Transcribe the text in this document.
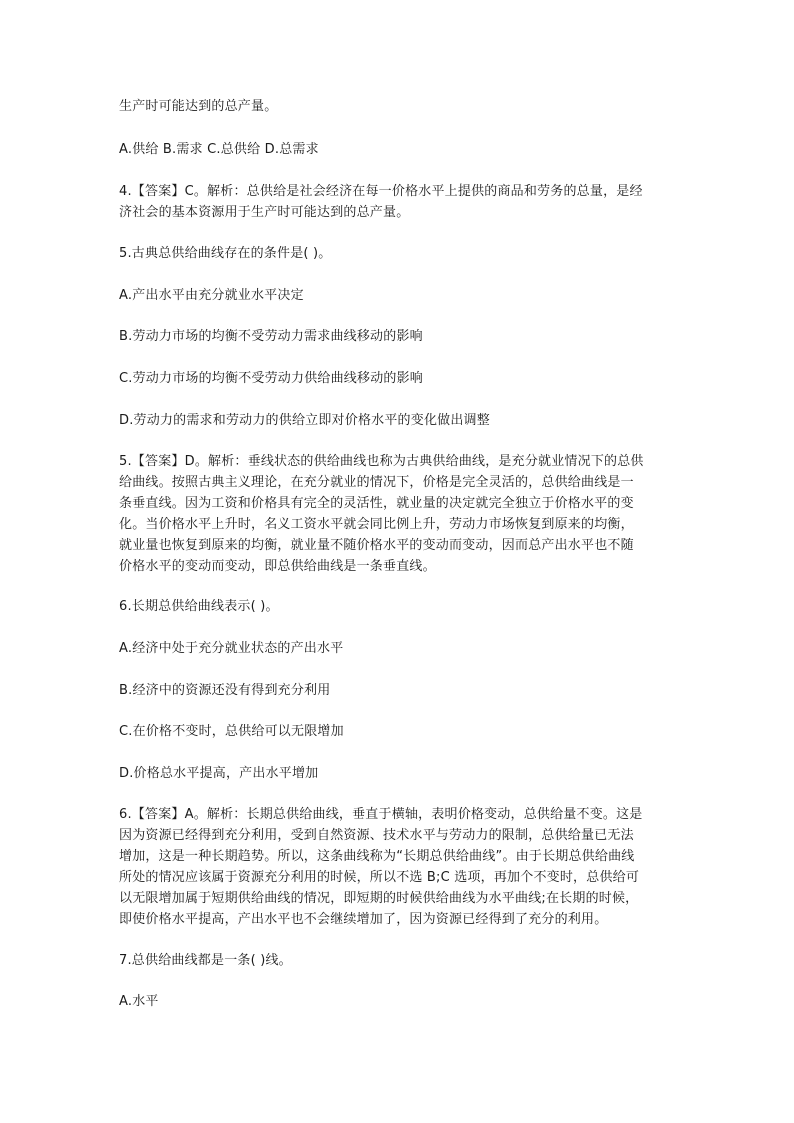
生产时可能达到的总产量。

A.供给 B.需求 C.总供给 D.总需求

4.【答案】C。解析：总供给是社会经济在每一价格水平上提供的商品和劳务的总量，是经
济社会的基本资源用于生产时可能达到的总产量。

5.古典总供给曲线存在的条件是( )。

A.产出水平由充分就业水平决定

B.劳动力市场的均衡不受劳动力需求曲线移动的影响

C.劳动力市场的均衡不受劳动力供给曲线移动的影响

D.劳动力的需求和劳动力的供给立即对价格水平的变化做出调整

5.【答案】D。解析：垂线状态的供给曲线也称为古典供给曲线，是充分就业情况下的总供
给曲线。按照古典主义理论，在充分就业的情况下，价格是完全灵活的，总供给曲线是一
条垂直线。因为工资和价格具有完全的灵活性，就业量的决定就完全独立于价格水平的变
化。当价格水平上升时，名义工资水平就会同比例上升，劳动力市场恢复到原来的均衡，
就业量也恢复到原来的均衡，就业量不随价格水平的变动而变动，因而总产出水平也不随
价格水平的变动而变动，即总供给曲线是一条垂直线。

6.长期总供给曲线表示( )。

A.经济中处于充分就业状态的产出水平

B.经济中的资源还没有得到充分利用

C.在价格不变时，总供给可以无限增加

D.价格总水平提高，产出水平增加

6.【答案】A。解析：长期总供给曲线，垂直于横轴，表明价格变动，总供给量不变。这是
因为资源已经得到充分利用，受到自然资源、技术水平与劳动力的限制，总供给量已无法
增加，这是一种长期趋势。所以，这条曲线称为“长期总供给曲线”。由于长期总供给曲线
所处的情况应该属于资源充分利用的时候，所以不选 B;C 选项，再加个不变时，总供给可
以无限增加属于短期供给曲线的情况，即短期的时候供给曲线为水平曲线;在长期的时候，
即使价格水平提高，产出水平也不会继续增加了，因为资源已经得到了充分的利用。

7.总供给曲线都是一条( )线。

A.水平
